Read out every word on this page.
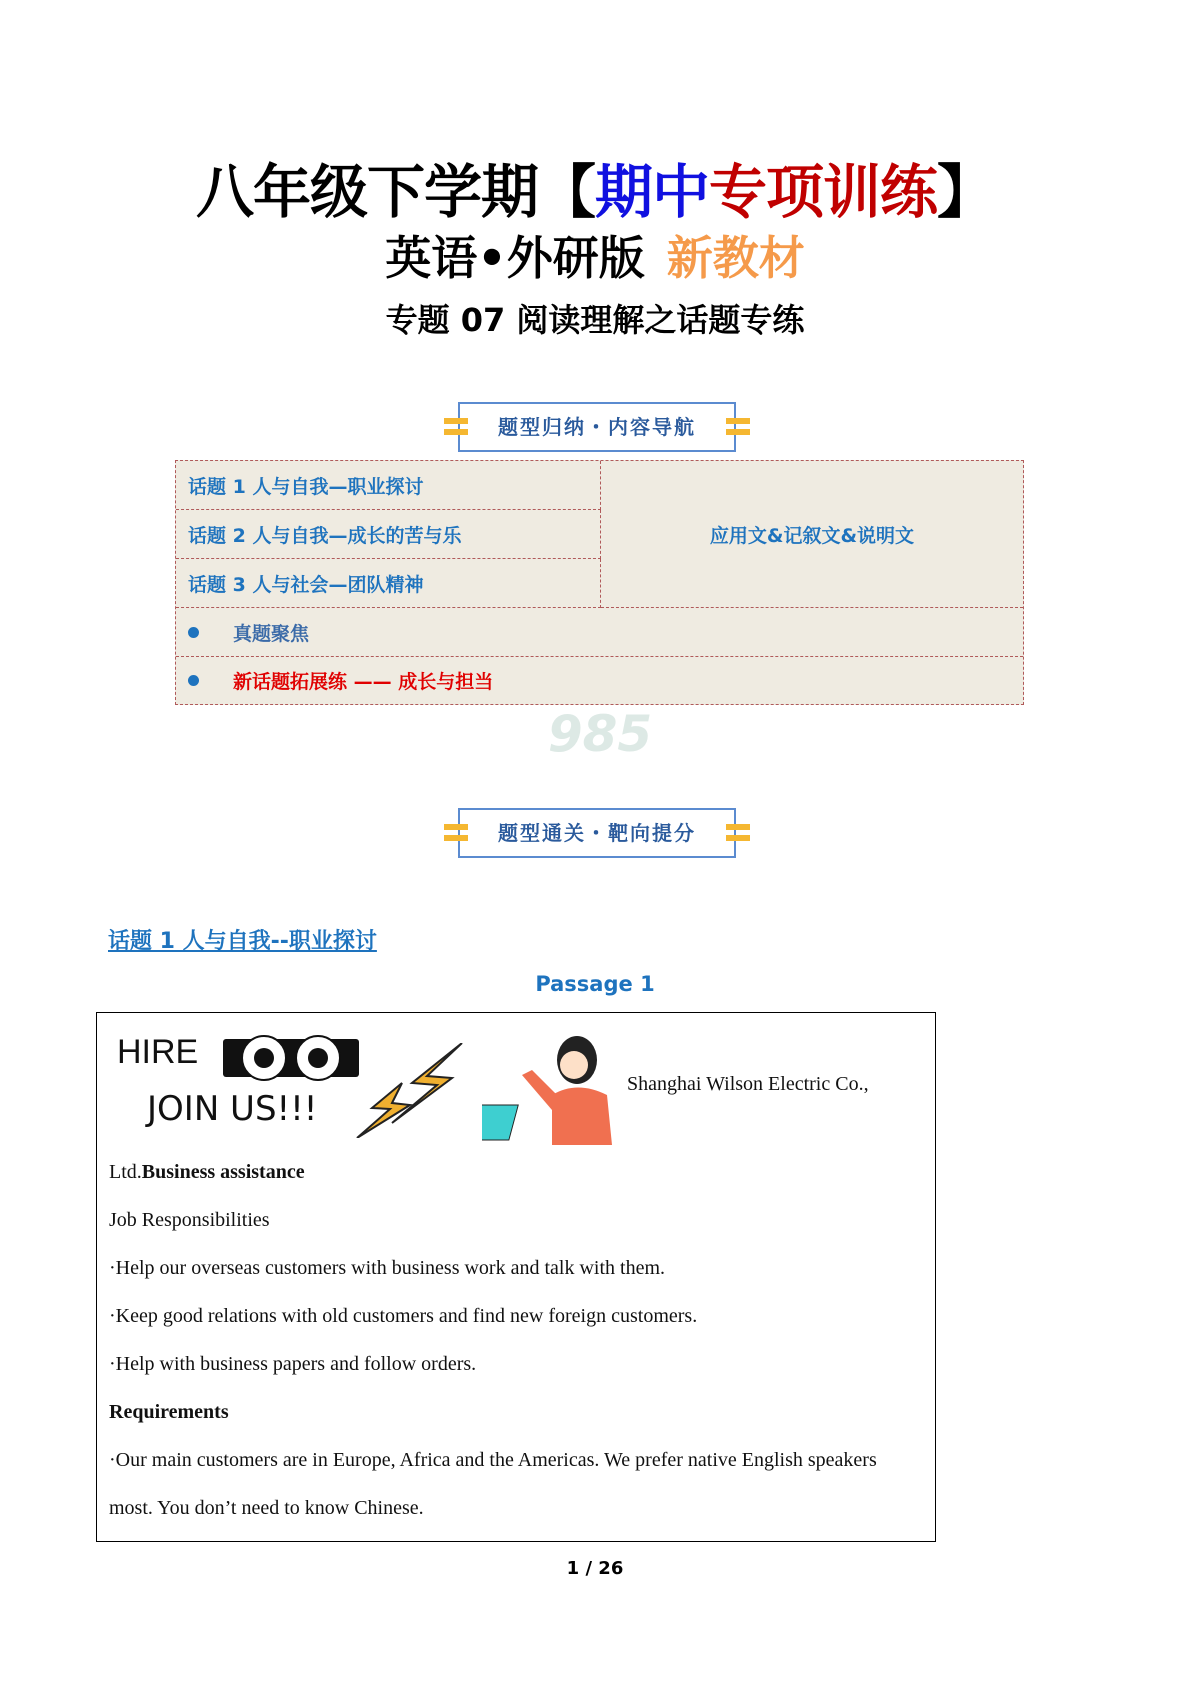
八年级下学期【期中专项训练】
英语•外研版 新教材
专题 07 阅读理解之话题专练
题型归纳・内容导航
话题 1 人与自我—职业探讨
话题 2 人与自我—成长的苦与乐
话题 3 人与社会—团队精神
应用文&记叙文&说明文
真题聚焦
新话题拓展练 —— 成长与担当
985
题型通关・靶向提分
话题 1 人与自我--职业探讨
Passage 1
HIRE
JOIN US!!!
Shanghai Wilson Electric Co.,
Ltd.Business assistance
Job Responsibilities
·Help our overseas customers with business work and talk with them.
·Keep good relations with old customers and find new foreign customers.
·Help with business papers and follow orders.
Requirements
·Our main customers are in Europe, Africa and the Americas. We prefer native English speakers
most. You don’t need to know Chinese.
1 / 26
